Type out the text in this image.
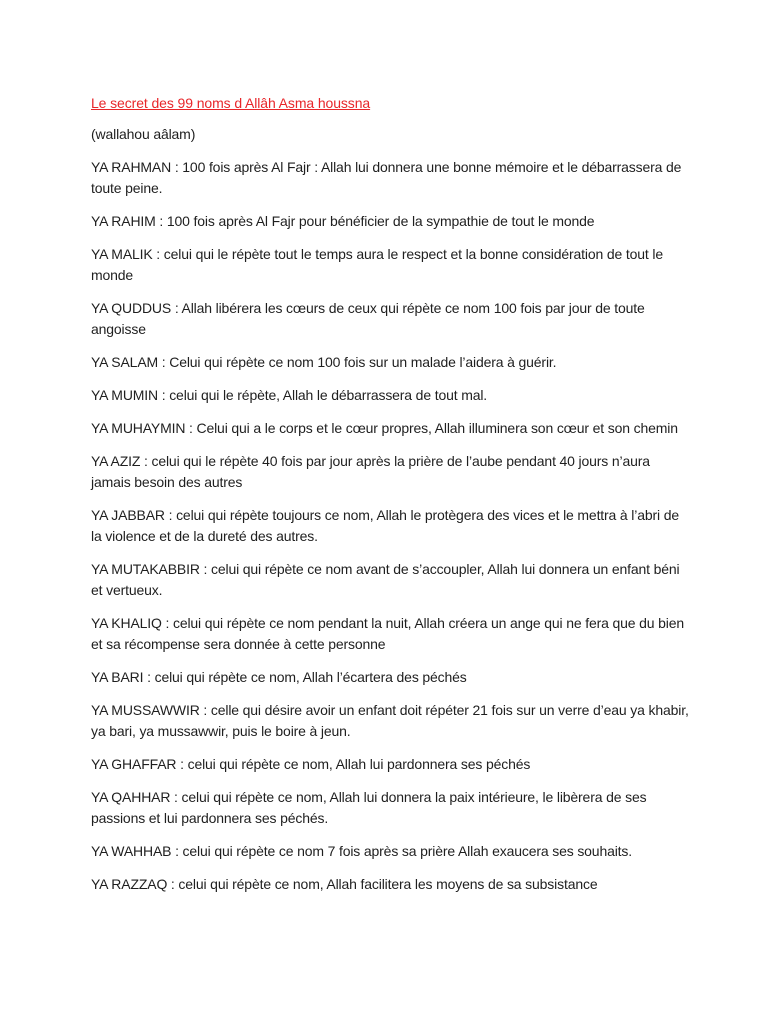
Le secret des 99 noms d Allâh Asma houssna

(wallahou aâlam)

YA RAHMAN : 100 fois après Al Fajr : Allah lui donnera une bonne mémoire et le débarrassera de toute peine.

YA RAHIM : 100 fois après Al Fajr pour bénéficier de la sympathie de tout le monde

YA MALIK : celui qui le répète tout le temps aura le respect et la bonne considération de tout le monde

YA QUDDUS : Allah libérera les cœurs de ceux qui répète ce nom 100 fois par jour de toute angoisse

YA SALAM : Celui qui répète ce nom 100 fois sur un malade l’aidera à guérir.

YA MUMIN : celui qui le répète, Allah le débarrassera de tout mal.

YA MUHAYMIN : Celui qui a le corps et le cœur propres, Allah illuminera son cœur et son chemin

YA AZIZ : celui qui le répète 40 fois par jour après la prière de l’aube pendant 40 jours n’aura jamais besoin des autres

YA JABBAR : celui qui répète toujours ce nom, Allah le protègera des vices et le mettra à l’abri de la violence et de la dureté des autres.

YA MUTAKABBIR : celui qui répète ce nom avant de s’accoupler, Allah lui donnera un enfant béni et vertueux.

YA KHALIQ : celui qui répète ce nom pendant la nuit, Allah créera un ange qui ne fera que du bien et sa récompense sera donnée à cette personne

YA BARI : celui qui répète ce nom, Allah l’écartera des péchés

YA MUSSAWWIR : celle qui désire avoir un enfant doit répéter 21 fois sur un verre d’eau ya khabir, ya bari, ya mussawwir, puis le boire à jeun.

YA GHAFFAR : celui qui répète ce nom, Allah lui pardonnera ses péchés

YA QAHHAR : celui qui répète ce nom, Allah lui donnera la paix intérieure, le libèrera de ses passions et lui pardonnera ses péchés.

YA WAHHAB : celui qui répète ce nom 7 fois après sa prière Allah exaucera ses souhaits.

YA RAZZAQ : celui qui répète ce nom, Allah facilitera les moyens de sa subsistance
